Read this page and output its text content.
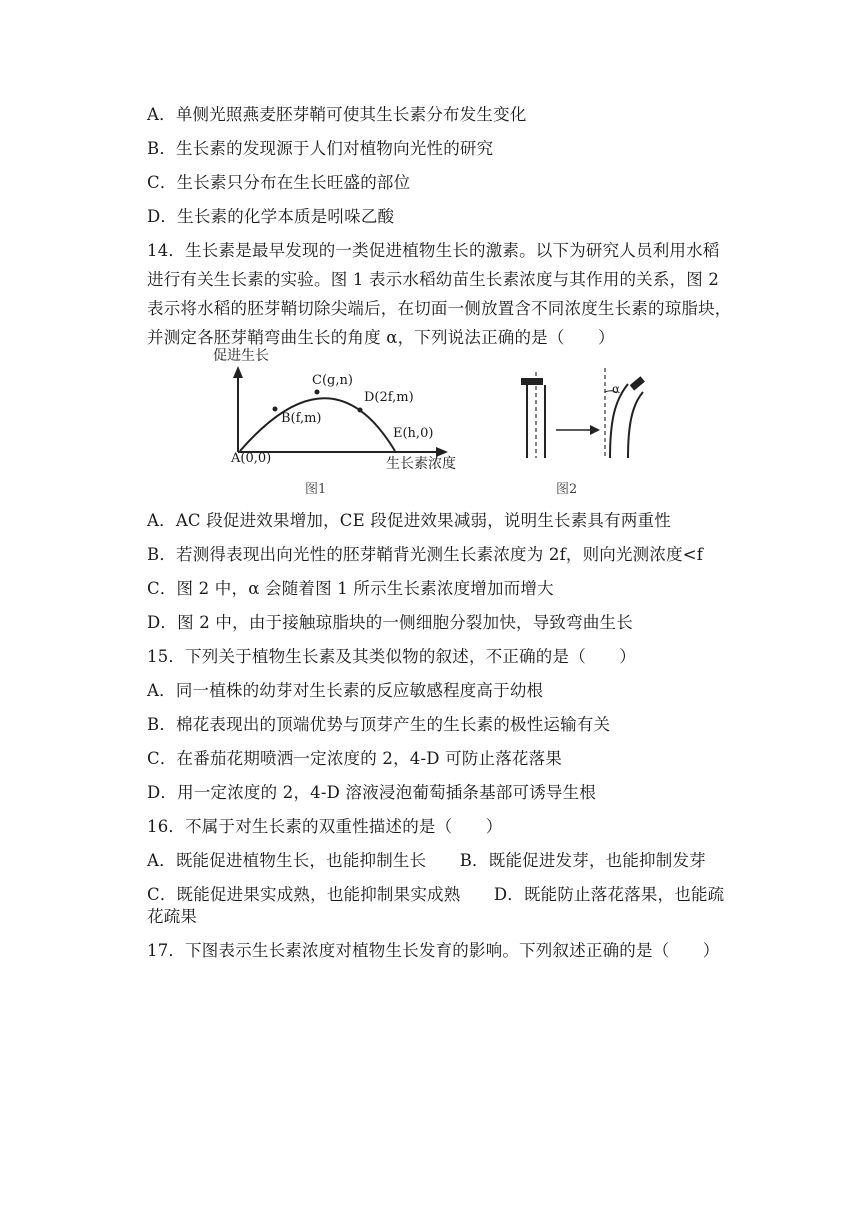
A．单侧光照燕麦胚芽鞘可使其生长素分布发生变化
B．生长素的发现源于人们对植物向光性的研究
C．生长素只分布在生长旺盛的部位
D．生长素的化学本质是吲哚乙酸
14．生长素是最早发现的一类促进植物生长的激素。以下为研究人员利用水稻
进行有关生长素的实验。图 1 表示水稻幼苗生长素浓度与其作用的关系，图 2
表示将水稻的胚芽鞘切除尖端后，在切面一侧放置含不同浓度生长素的琼脂块，
并测定各胚芽鞘弯曲生长的角度 α，下列说法正确的是（　　）
促进生长
A(0,0)
B(f,m)
C(g,n)
D(2f,m)
E(h,0)
生长素浓度
图1
α
图2
A．AC 段促进效果增加，CE 段促进效果减弱，说明生长素具有两重性
B．若测得表现出向光性的胚芽鞘背光测生长素浓度为 2f，则向光测浓度<f
C．图 2 中，α 会随着图 1 所示生长素浓度增加而增大
D．图 2 中，由于接触琼脂块的一侧细胞分裂加快，导致弯曲生长
15．下列关于植物生长素及其类似物的叙述，不正确的是（　　）
A．同一植株的幼芽对生长素的反应敏感程度高于幼根
B．棉花表现出的顶端优势与顶芽产生的生长素的极性运输有关
C．在番茄花期喷洒一定浓度的 2，4-D 可防止落花落果
D．用一定浓度的 2，4-D 溶液浸泡葡萄插条基部可诱导生根
16．不属于对生长素的双重性描述的是（　　）
A．既能促进植物生长，也能抑制生长　　B．既能促进发芽，也能抑制发芽
C．既能促进果实成熟，也能抑制果实成熟　　D．既能防止落花落果，也能疏
花疏果
17．下图表示生长素浓度对植物生长发育的影响。下列叙述正确的是（　　）
